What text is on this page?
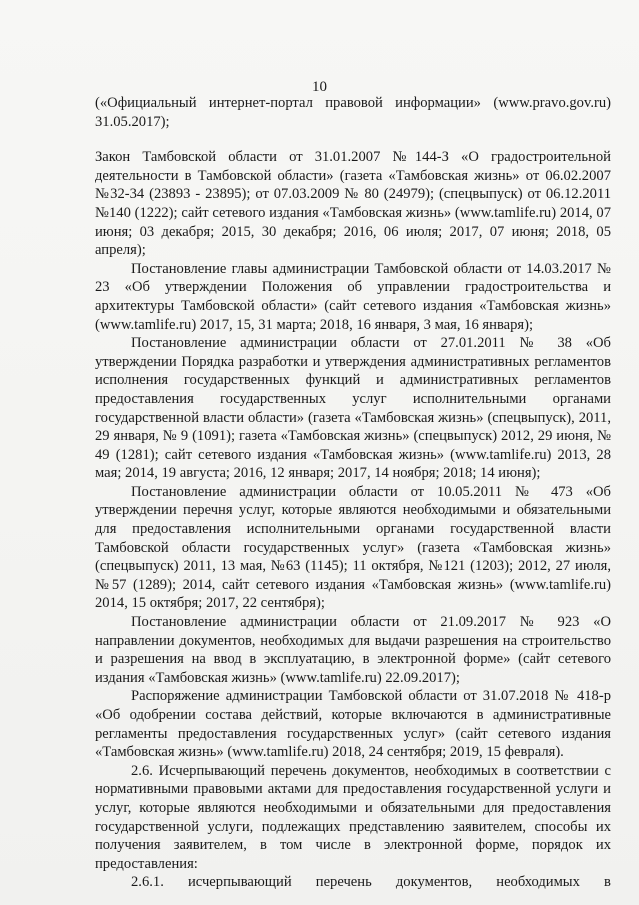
10

(«Официальный интернет-портал правовой информации» (www.pravo.gov.ru) 31.05.2017);

Закон Тамбовской области от 31.01.2007 №144-З «О градостроительной деятельности в Тамбовской области» (газета «Тамбовская жизнь» от 06.02.2007 №32-34 (23893 - 23895); от 07.03.2009 № 80 (24979); (спецвыпуск) от 06.12.2011 №140 (1222); сайт сетевого издания «Тамбовская жизнь» (www.tamlife.ru) 2014, 07 июня; 03 декабря; 2015, 30 декабря; 2016, 06 июля; 2017, 07 июня; 2018, 05 апреля);

Постановление главы администрации Тамбовской области от 14.03.2017 № 23 «Об утверждении Положения об управлении градостроительства и архитектуры Тамбовской области» (сайт сетевого издания «Тамбовская жизнь» (www.tamlife.ru) 2017, 15, 31 марта; 2018, 16 января, 3 мая, 16 января);

Постановление администрации области от 27.01.2011 № 38 «Об утверждении Порядка разработки и утверждения административных регламентов исполнения государственных функций и административных регламентов предоставления государственных услуг исполнительными органами государственной власти области» (газета «Тамбовская жизнь» (спецвыпуск), 2011, 29 января, № 9 (1091); газета «Тамбовская жизнь» (спецвыпуск) 2012, 29 июня, № 49 (1281); сайт сетевого издания «Тамбовская жизнь» (www.tamlife.ru) 2013, 28 мая; 2014, 19 августа; 2016, 12 января; 2017, 14 ноября; 2018; 14 июня);

Постановление администрации области от 10.05.2011 № 473 «Об утверждении перечня услуг, которые являются необходимыми и обязательными для предоставления исполнительными органами государственной власти Тамбовской области государственных услуг» (газета «Тамбовская жизнь» (спецвыпуск) 2011, 13 мая, №63 (1145); 11 октября, №121 (1203); 2012, 27 июля, №57 (1289); 2014, сайт сетевого издания «Тамбовская жизнь» (www.tamlife.ru) 2014, 15 октября; 2017, 22 сентября);

Постановление администрации области от 21.09.2017 № 923 «О направлении документов, необходимых для выдачи разрешения на строительство и разрешения на ввод в эксплуатацию, в электронной форме» (сайт сетевого издания «Тамбовская жизнь» (www.tamlife.ru) 22.09.2017);

Распоряжение администрации Тамбовской области от 31.07.2018 № 418-р «Об одобрении состава действий, которые включаются в административные регламенты предоставления государственных услуг» (сайт сетевого издания «Тамбовская жизнь» (www.tamlife.ru) 2018, 24 сентября; 2019, 15 февраля).

2.6. Исчерпывающий перечень документов, необходимых в соответствии с нормативными правовыми актами для предоставления государственной услуги и услуг, которые являются необходимыми и обязательными для предоставления государственной услуги, подлежащих представлению заявителем, способы их получения заявителем, в том числе в электронной форме, порядок их предоставления:

2.6.1. исчерпывающий перечень документов, необходимых в
